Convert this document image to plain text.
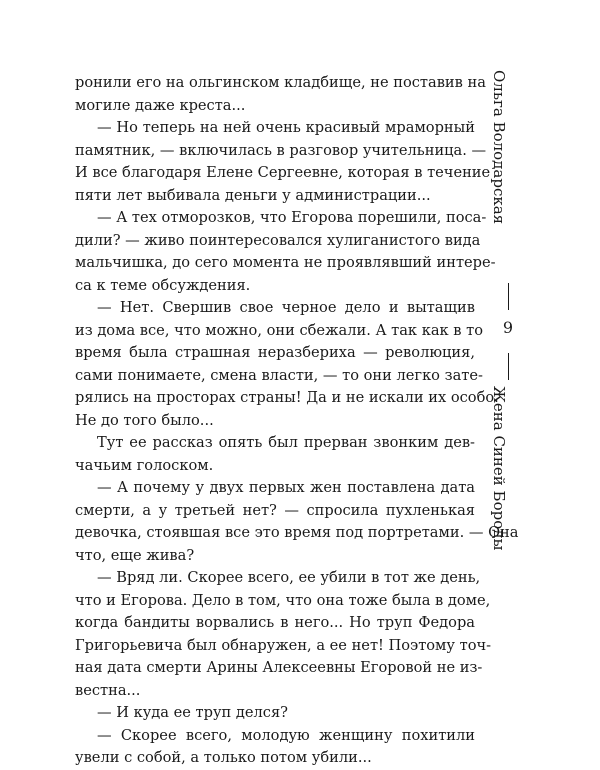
ронили его на ольгинском кладбище, не поставив на
могиле даже креста...
— Но теперь на ней очень красивый мраморный
памятник, — включилась в разговор учительница. —
И все благодаря Елене Сергеевне, которая в течение
пяти лет выбивала деньги у администрации...
— А тех отморозков, что Егорова порешили, поса-
дили? — живо поинтересовался хулиганистого вида
мальчишка, до сего момента не проявлявший интере-
са к теме обсуждения.
— Нет. Свершив свое черное дело и вытащив
из дома все, что можно, они сбежали. А так как в то
время была страшная неразбериха — революция,
сами понимаете, смена власти, — то они легко зате-
рялись на просторах страны! Да и не искали их особо.
Не до того было...
Тут ее рассказ опять был прерван звонким дев-
чачьим голоском.
— А почему у двух первых жен поставлена дата
смерти, а у третьей нет? — спросила пухленькая
девочка, стоявшая все это время под портретами. — Она
что, еще жива?
— Вряд ли. Скорее всего, ее убили в тот же день,
что и Егорова. Дело в том, что она тоже была в доме,
когда бандиты ворвались в него... Но труп Федора
Григорьевича был обнаружен, а ее нет! Поэтому точ-
ная дата смерти Арины Алексеевны Егоровой не из-
вестна...
— И куда ее труп делся?
— Скорее всего, молодую женщину похитили
увели с собой, а только потом убили...
Ольга Володарская
9
Жена Синей Бороды
